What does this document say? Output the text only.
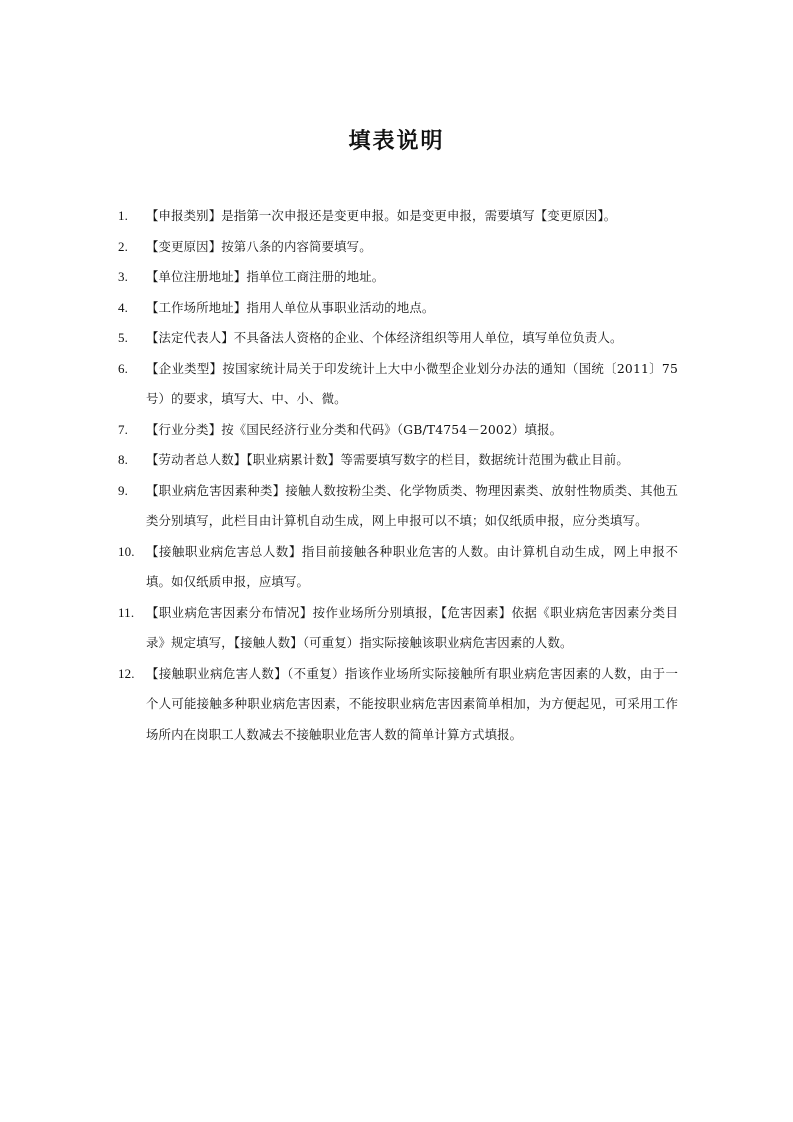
填表说明
1. 【申报类别】是指第一次申报还是变更申报。如是变更申报，需要填写【变更原因】。
2. 【变更原因】按第八条的内容简要填写。
3. 【单位注册地址】指单位工商注册的地址。
4. 【工作场所地址】指用人单位从事职业活动的地点。
5. 【法定代表人】不具备法人资格的企业、个体经济组织等用人单位，填写单位负责人。
6. 【企业类型】按国家统计局关于印发统计上大中小微型企业划分办法的通知（国统〔2011〕75号）的要求，填写大、中、小、微。
7. 【行业分类】按《国民经济行业分类和代码》（GB/T4754－2002）填报。
8. 【劳动者总人数】【职业病累计数】等需要填写数字的栏目，数据统计范围为截止目前。
9. 【职业病危害因素种类】接触人数按粉尘类、化学物质类、物理因素类、放射性物质类、其他五类分别填写，此栏目由计算机自动生成，网上申报可以不填；如仅纸质申报，应分类填写。
10. 【接触职业病危害总人数】指目前接触各种职业危害的人数。由计算机自动生成，网上申报不填。如仅纸质申报，应填写。
11. 【职业病危害因素分布情况】按作业场所分别填报，【危害因素】依据《职业病危害因素分类目录》规定填写，【接触人数】（可重复）指实际接触该职业病危害因素的人数。
12. 【接触职业病危害人数】（不重复）指该作业场所实际接触所有职业病危害因素的人数，由于一个人可能接触多种职业病危害因素，不能按职业病危害因素简单相加，为方便起见，可采用工作场所内在岗职工人数减去不接触职业危害人数的简单计算方式填报。
